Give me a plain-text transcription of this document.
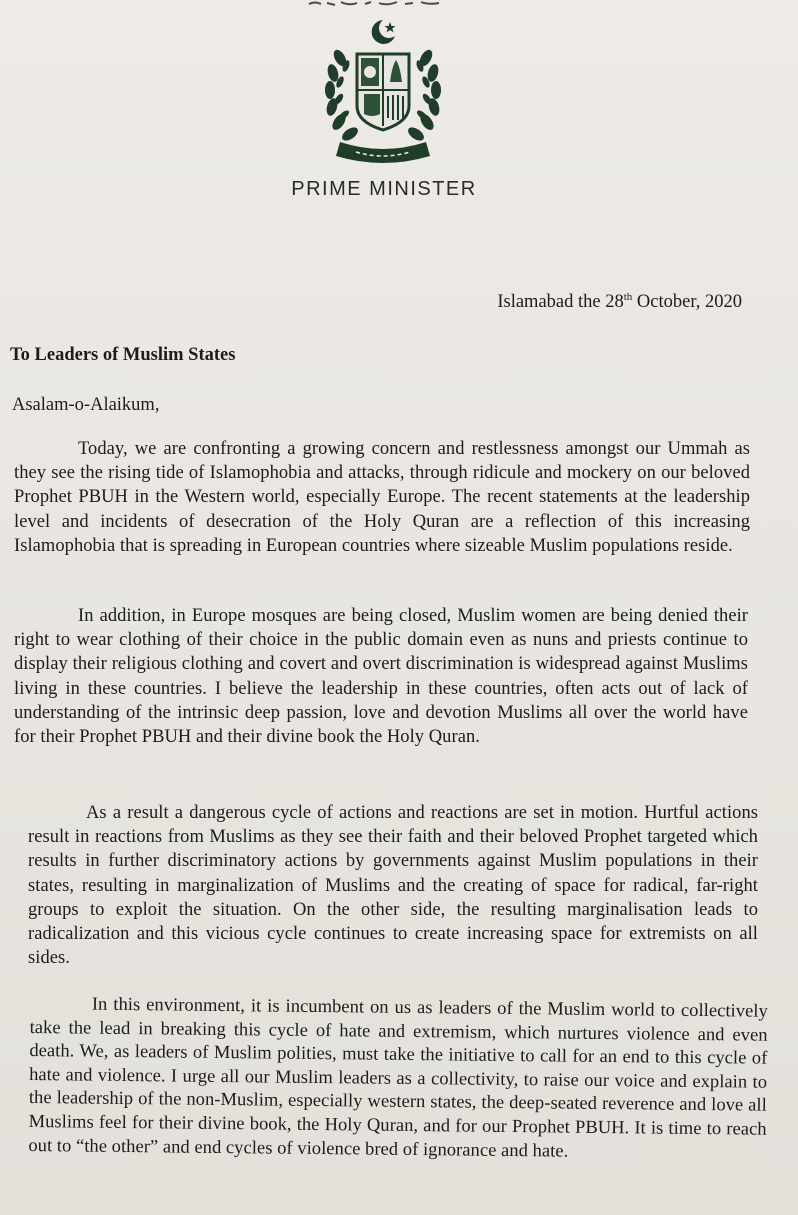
PRIME MINISTER
Islamabad the 28th October, 2020

To Leaders of Muslim States

Asalam-o-Alaikum,

Today, we are confronting a growing concern and restlessness amongst our Ummah as they see the rising tide of Islamophobia and attacks, through ridicule and mockery on our beloved Prophet PBUH in the Western world, especially Europe. The recent statements at the leadership level and incidents of desecration of the Holy Quran are a reflection of this increasing Islamophobia that is spreading in European countries where sizeable Muslim populations reside.

In addition, in Europe mosques are being closed, Muslim women are being denied their right to wear clothing of their choice in the public domain even as nuns and priests continue to display their religious clothing and covert and overt discrimination is widespread against Muslims living in these countries. I believe the leadership in these countries, often acts out of lack of understanding of the intrinsic deep passion, love and devotion Muslims all over the world have for their Prophet PBUH and their divine book the Holy Quran.

As a result a dangerous cycle of actions and reactions are set in motion. Hurtful actions result in reactions from Muslims as they see their faith and their beloved Prophet targeted which results in further discriminatory actions by governments against Muslim populations in their states, resulting in marginalization of Muslims and the creating of space for radical, far-right groups to exploit the situation. On the other side, the resulting marginalisation leads to radicalization and this vicious cycle continues to create increasing space for extremists on all sides.

In this environment, it is incumbent on us as leaders of the Muslim world to collectively take the lead in breaking this cycle of hate and extremism, which nurtures violence and even death. We, as leaders of Muslim polities, must take the initiative to call for an end to this cycle of hate and violence. I urge all our Muslim leaders as a collectivity, to raise our voice and explain to the leadership of the non-Muslim, especially western states, the deep-seated reverence and love all Muslims feel for their divine book, the Holy Quran, and for our Prophet PBUH. It is time to reach out to “the other” and end cycles of violence bred of ignorance and hate.
